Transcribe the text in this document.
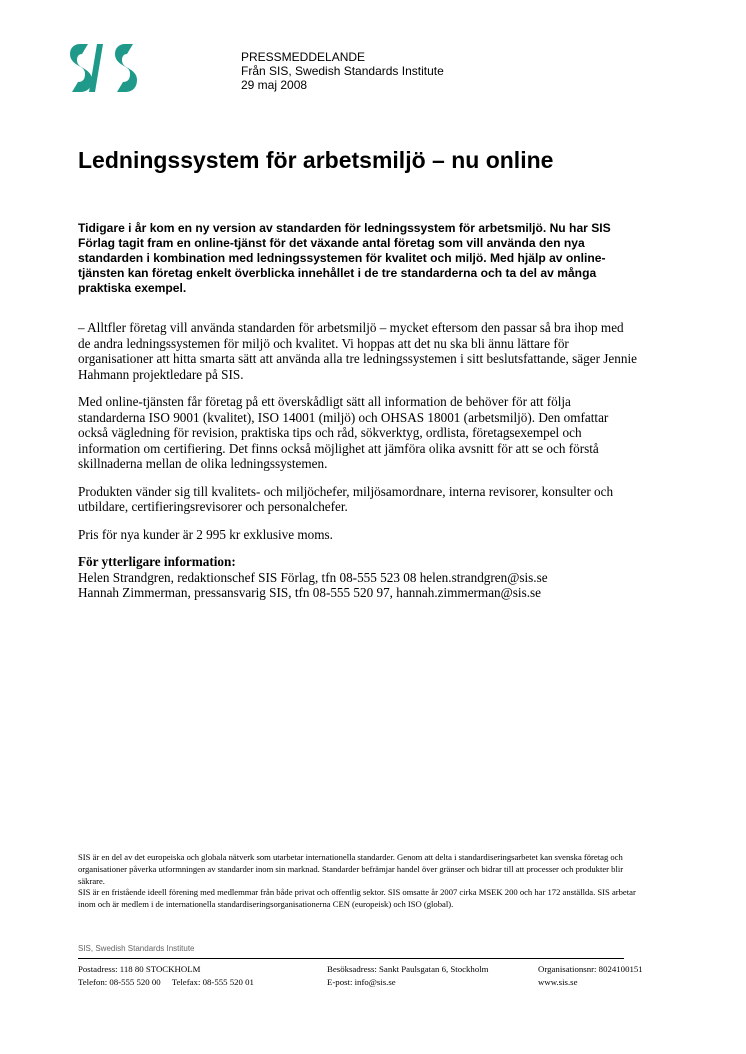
PRESSMEDDELANDE
Från SIS, Swedish Standards Institute
29 maj 2008
Ledningssystem för arbetsmiljö – nu online

Tidigare i år kom en ny version av standarden för ledningssystem för arbetsmiljö. Nu har SIS Förlag tagit fram en online-tjänst för det växande antal företag som vill använda den nya standarden i kombination med ledningssystemen för kvalitet och miljö. Med hjälp av online-tjänsten kan företag enkelt överblicka innehållet i de tre standarderna och ta del av många praktiska exempel.

– Alltfler företag vill använda standarden för arbetsmiljö – mycket eftersom den passar så bra ihop med de andra ledningssystemen för miljö och kvalitet. Vi hoppas att det nu ska bli ännu lättare för organisationer att hitta smarta sätt att använda alla tre ledningssystemen i sitt beslutsfattande, säger Jennie Hahmann projektledare på SIS.

Med online-tjänsten får företag på ett överskådligt sätt all information de behöver för att följa standarderna ISO 9001 (kvalitet), ISO 14001 (miljö) och OHSAS 18001 (arbetsmiljö). Den omfattar också vägledning för revision, praktiska tips och råd, sökverktyg, ordlista, företagsexempel och information om certifiering. Det finns också möjlighet att jämföra olika avsnitt för att se och förstå skillnaderna mellan de olika ledningssystemen.

Produkten vänder sig till kvalitets- och miljöchefer, miljösamordnare, interna revisorer, konsulter och utbildare, certifieringsrevisorer och personalchefer.

Pris för nya kunder är 2 995 kr exklusive moms.

För ytterligare information:

Helen Strandgren, redaktionschef SIS Förlag, tfn 08-555 523 08 helen.strandgren@sis.se

Hannah Zimmerman, pressansvarig SIS, tfn 08-555 520 97, hannah.zimmerman@sis.se

SIS är en del av det europeiska och globala nätverk som utarbetar internationella standarder. Genom att delta i standardiseringsarbetet kan svenska företag och organisationer påverka utformningen av standarder inom sin marknad. Standarder befrämjar handel över gränser och bidrar till att processer och produkter blir säkrare.

SIS är en fristående ideell förening med medlemmar från både privat och offentlig sektor. SIS omsatte år 2007 cirka MSEK 200 och har 172 anställda. SIS arbetar inom och är medlem i de internationella standardiseringsorganisationerna CEN (europeisk) och ISO (global).

SIS, Swedish Standards Institute
Postadress: 118 80 STOCKHOLM
Telefon: 08-555 520 00 Telefax: 08-555 520 01
Besöksadress: Sankt Paulsgatan 6, Stockholm
E-post: info@sis.se
Organisationsnr: 8024100151
www.sis.se
